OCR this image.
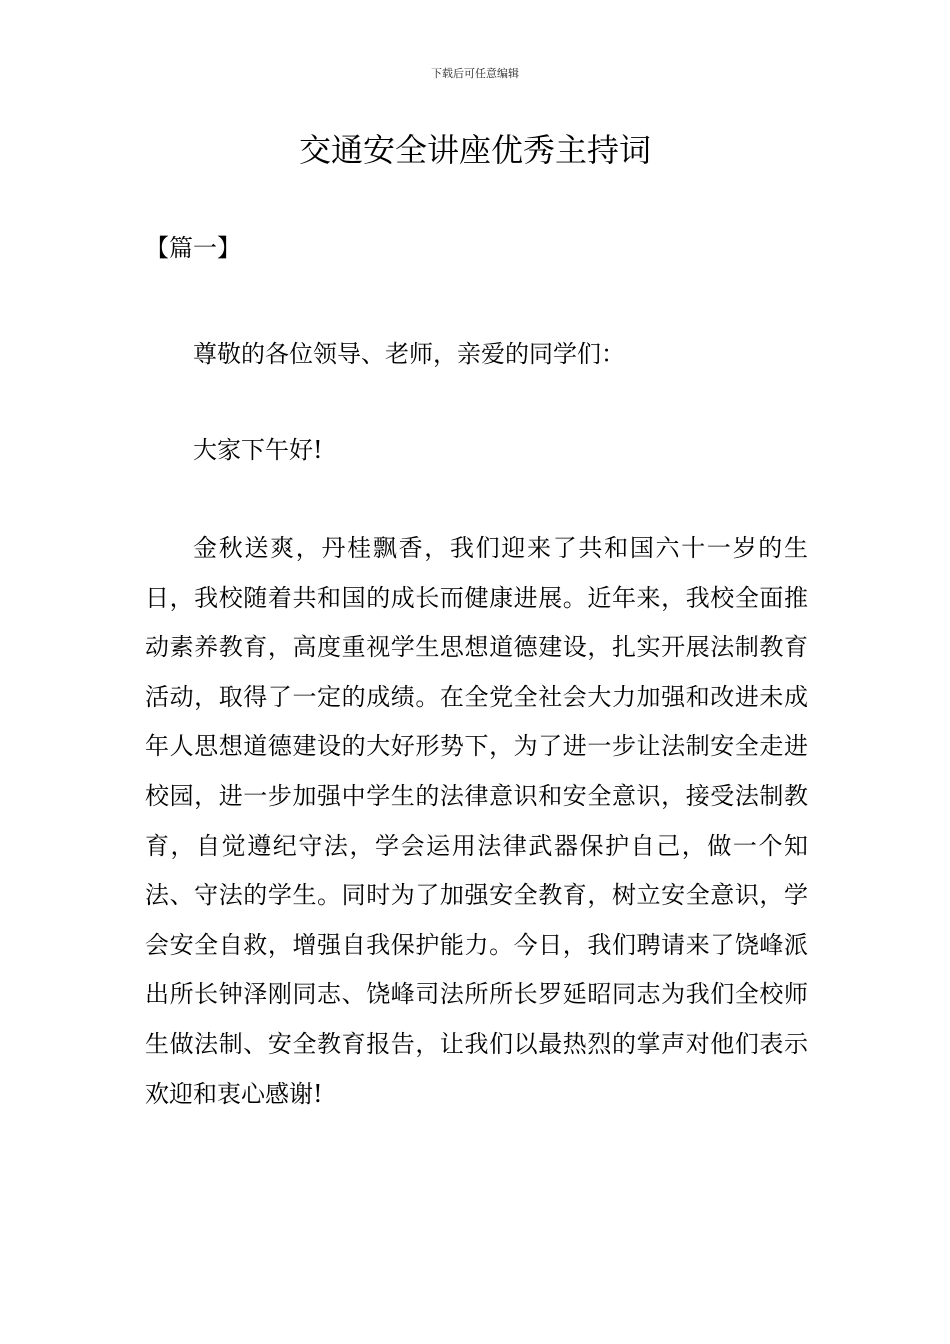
下载后可任意编辑
交通安全讲座优秀主持词
【篇一】

尊敬的各位领导、老师，亲爱的同学们：

大家下午好!

金秋送爽，丹桂飘香，我们迎来了共和国六十一岁的生日，我校随着共和国的成长而健康进展。近年来，我校全面推动素养教育，高度重视学生思想道德建设，扎实开展法制教育活动，取得了一定的成绩。在全党全社会大力加强和改进未成年人思想道德建设的大好形势下，为了进一步让法制安全走进校园，进一步加强中学生的法律意识和安全意识，接受法制教育，自觉遵纪守法，学会运用法律武器保护自己，做一个知法、守法的学生。同时为了加强安全教育，树立安全意识，学会安全自救，增强自我保护能力。今日，我们聘请来了饶峰派出所长钟泽刚同志、饶峰司法所所长罗延昭同志为我们全校师生做法制、安全教育报告，让我们以最热烈的掌声对他们表示欢迎和衷心感谢!
